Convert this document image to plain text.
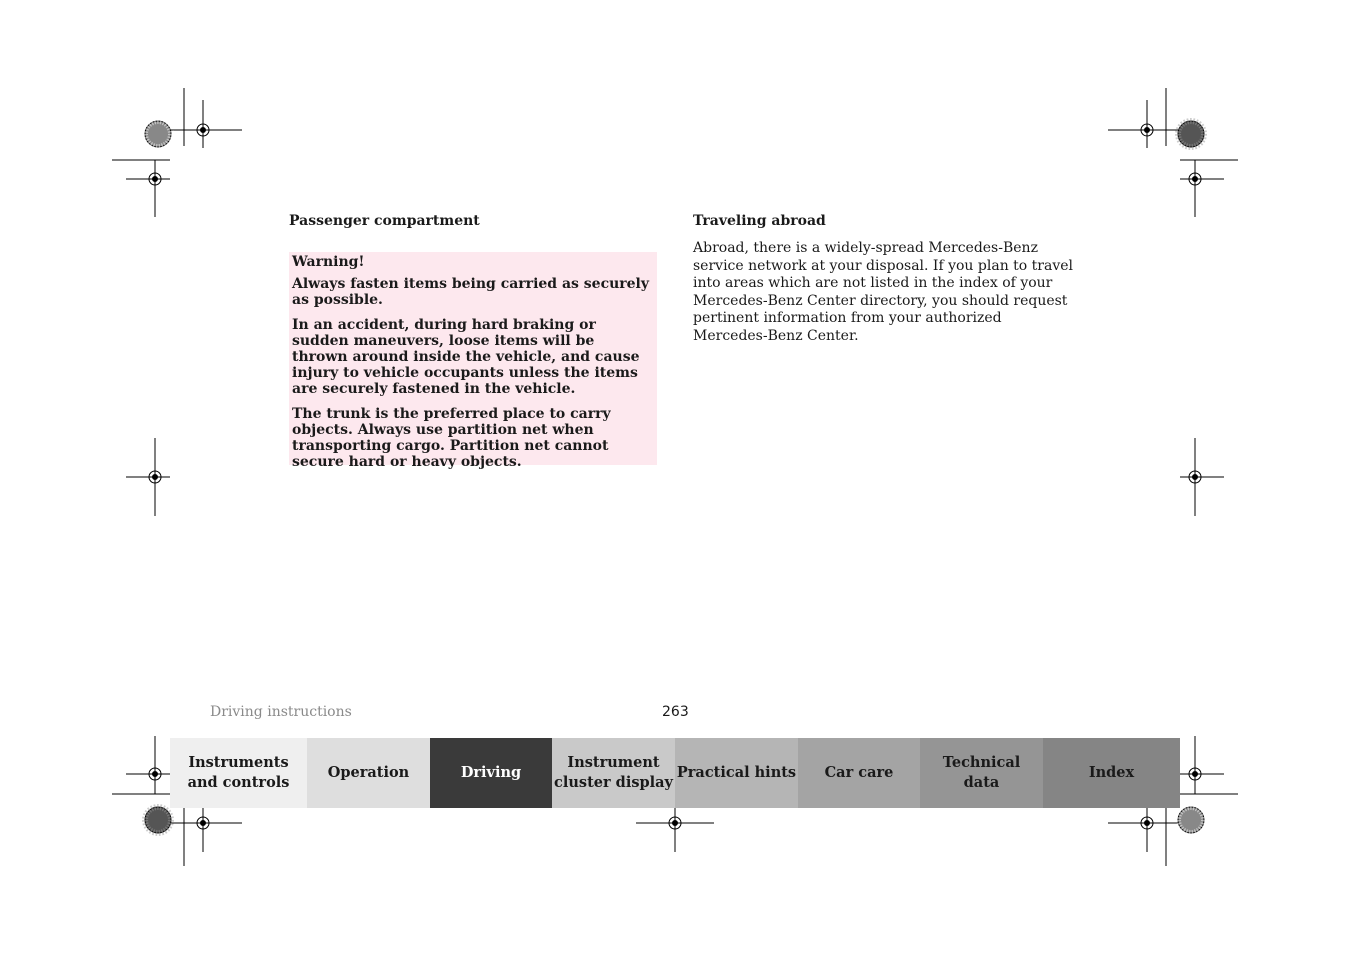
Passenger compartment

Warning!

Always fasten items being carried as securely as possible.

In an accident, during hard braking or sudden maneuvers, loose items will be thrown around inside the vehicle, and cause injury to vehicle occupants unless the items are securely fastened in the vehicle.

The trunk is the preferred place to carry objects. Always use partition net when transporting cargo. Partition net cannot secure hard or heavy objects.

Traveling abroad
Abroad, there is a widely-spread Mercedes-Benz service network at your disposal. If you plan to travel into areas which are not listed in the index of your Mercedes-Benz Center directory, you should request pertinent information from your authorized Mercedes-Benz Center.
Driving instructions	263
Instruments
and controls
Operation	Driving
Instrument
cluster display
Practical hints Car care
Technical
data
Index
